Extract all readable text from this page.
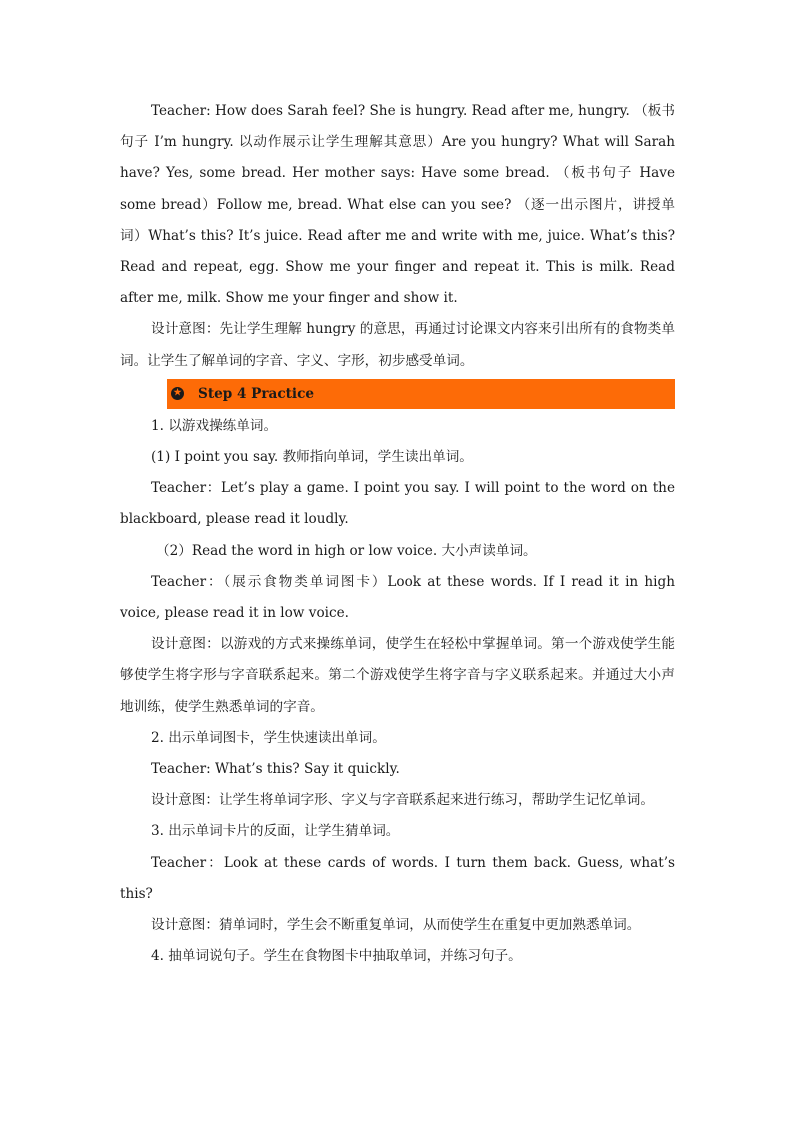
Teacher: How does Sarah feel? She is hungry. Read after me, hungry. （板书句子 I’m hungry. 以动作展示让学生理解其意思）Are you hungry? What will Sarah have? Yes, some bread. Her mother says: Have some bread. （板书句子 Have some bread）Follow me, bread. What else can you see? （逐一出示图片，讲授单词）What’s this? It’s juice. Read after me and write with me, juice. What’s this? Read and repeat, egg. Show me your finger and repeat it. This is milk. Read after me, milk. Show me your finger and show it.

设计意图：先让学生理解 hungry 的意思，再通过讨论课文内容来引出所有的食物类单词。让学生了解单词的字音、字义、字形，初步感受单词。

★ Step 4 Practice

1. 以游戏操练单词。

(1) I point you say. 教师指向单词，学生读出单词。

Teacher：Let’s play a game. I point you say. I will point to the word on the blackboard, please read it loudly.

（2）Read the word in high or low voice. 大小声读单词。

Teacher：（展示食物类单词图卡）Look at these words. If I read it in high voice, please read it in low voice.

设计意图：以游戏的方式来操练单词，使学生在轻松中掌握单词。第一个游戏使学生能够使学生将字形与字音联系起来。第二个游戏使学生将字音与字义联系起来。并通过大小声地训练，使学生熟悉单词的字音。

2. 出示单词图卡，学生快速读出单词。

Teacher: What’s this? Say it quickly.

设计意图：让学生将单词字形、字义与字音联系起来进行练习，帮助学生记忆单词。

3. 出示单词卡片的反面，让学生猜单词。

Teacher：Look at these cards of words. I turn them back. Guess, what’s this?

设计意图：猜单词时，学生会不断重复单词，从而使学生在重复中更加熟悉单词。

4. 抽单词说句子。学生在食物图卡中抽取单词，并练习句子。
